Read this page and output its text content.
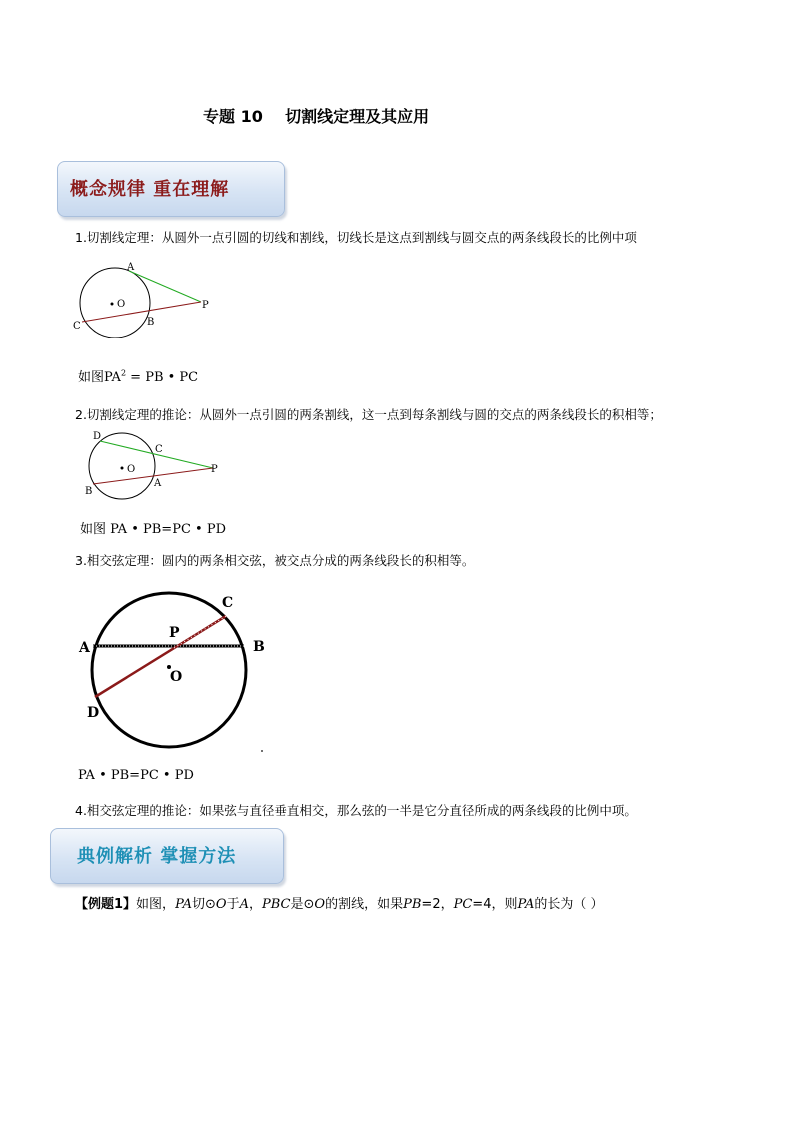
专题 10    切割线定理及其应用
概念规律 重在理解
1.切割线定理：从圆外一点引圆的切线和割线，切线长是这点到割线与圆交点的两条线段长的比例中项
O
A
P
B
C
如图$PA^2$ = PB • PC
2.切割线定理的推论：从圆外一点引圆的两条割线，这一点到每条割线与圆的交点的两条线段长的积相等；
O
D
C
P
A
B
如图 PA • PB=PC • PD
3.相交弦定理：圆内的两条相交弦，被交点分成的两条线段长的积相等。
P
C
A	B
O
D
PA • PB=PC • PD
4.相交弦定理的推论：如果弦与直径垂直相交，那么弦的一半是它分直径所成的两条线段的比例中项。
典例解析 掌握方法
【例题1】如图，PA切⊙O于A，PBC是⊙O的割线，如果PB=2，PC=4，则PA的长为（ ）
